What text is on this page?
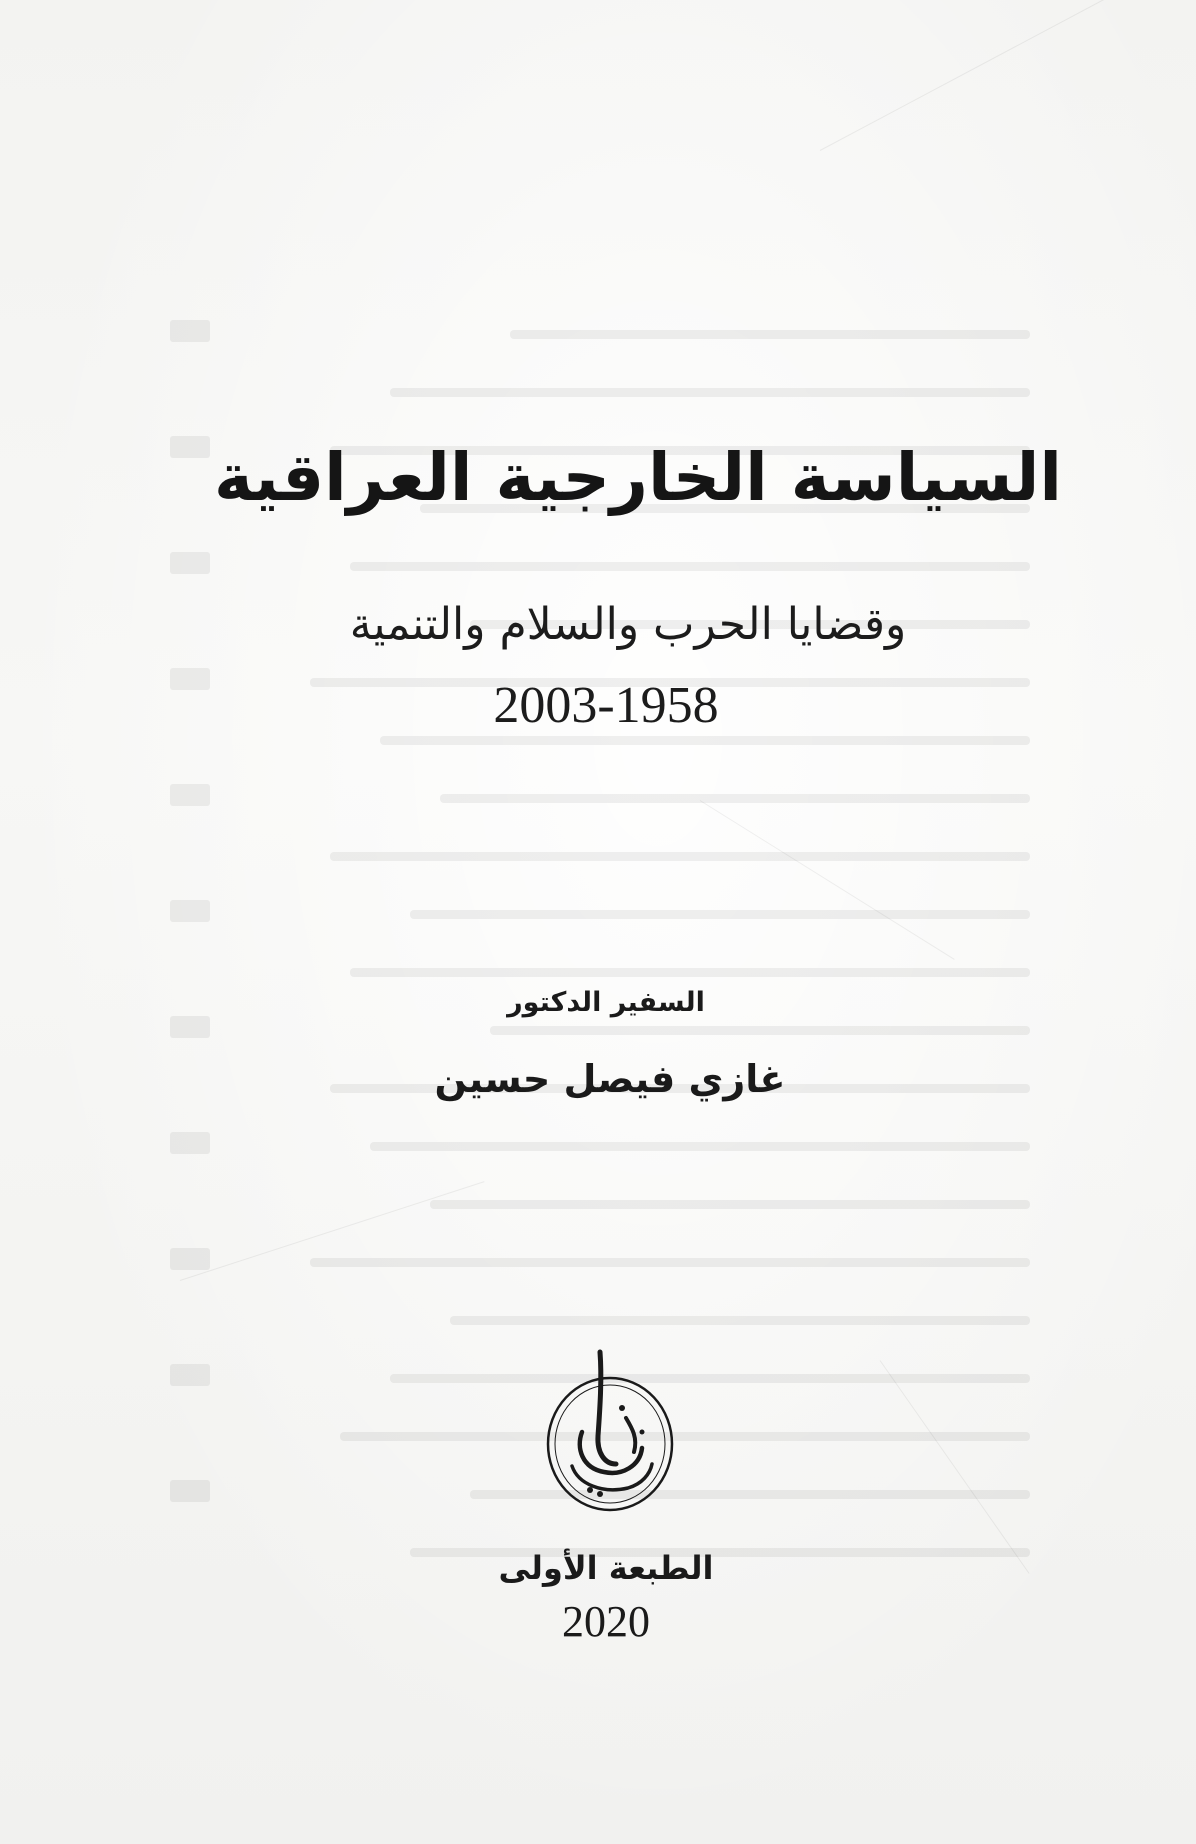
السياسة الخارجية العراقية
وقضايا الحرب والسلام والتنمية
2003-1958
السفير الدكتور
غازي فيصل حسين
الطبعة الأولى
2020
